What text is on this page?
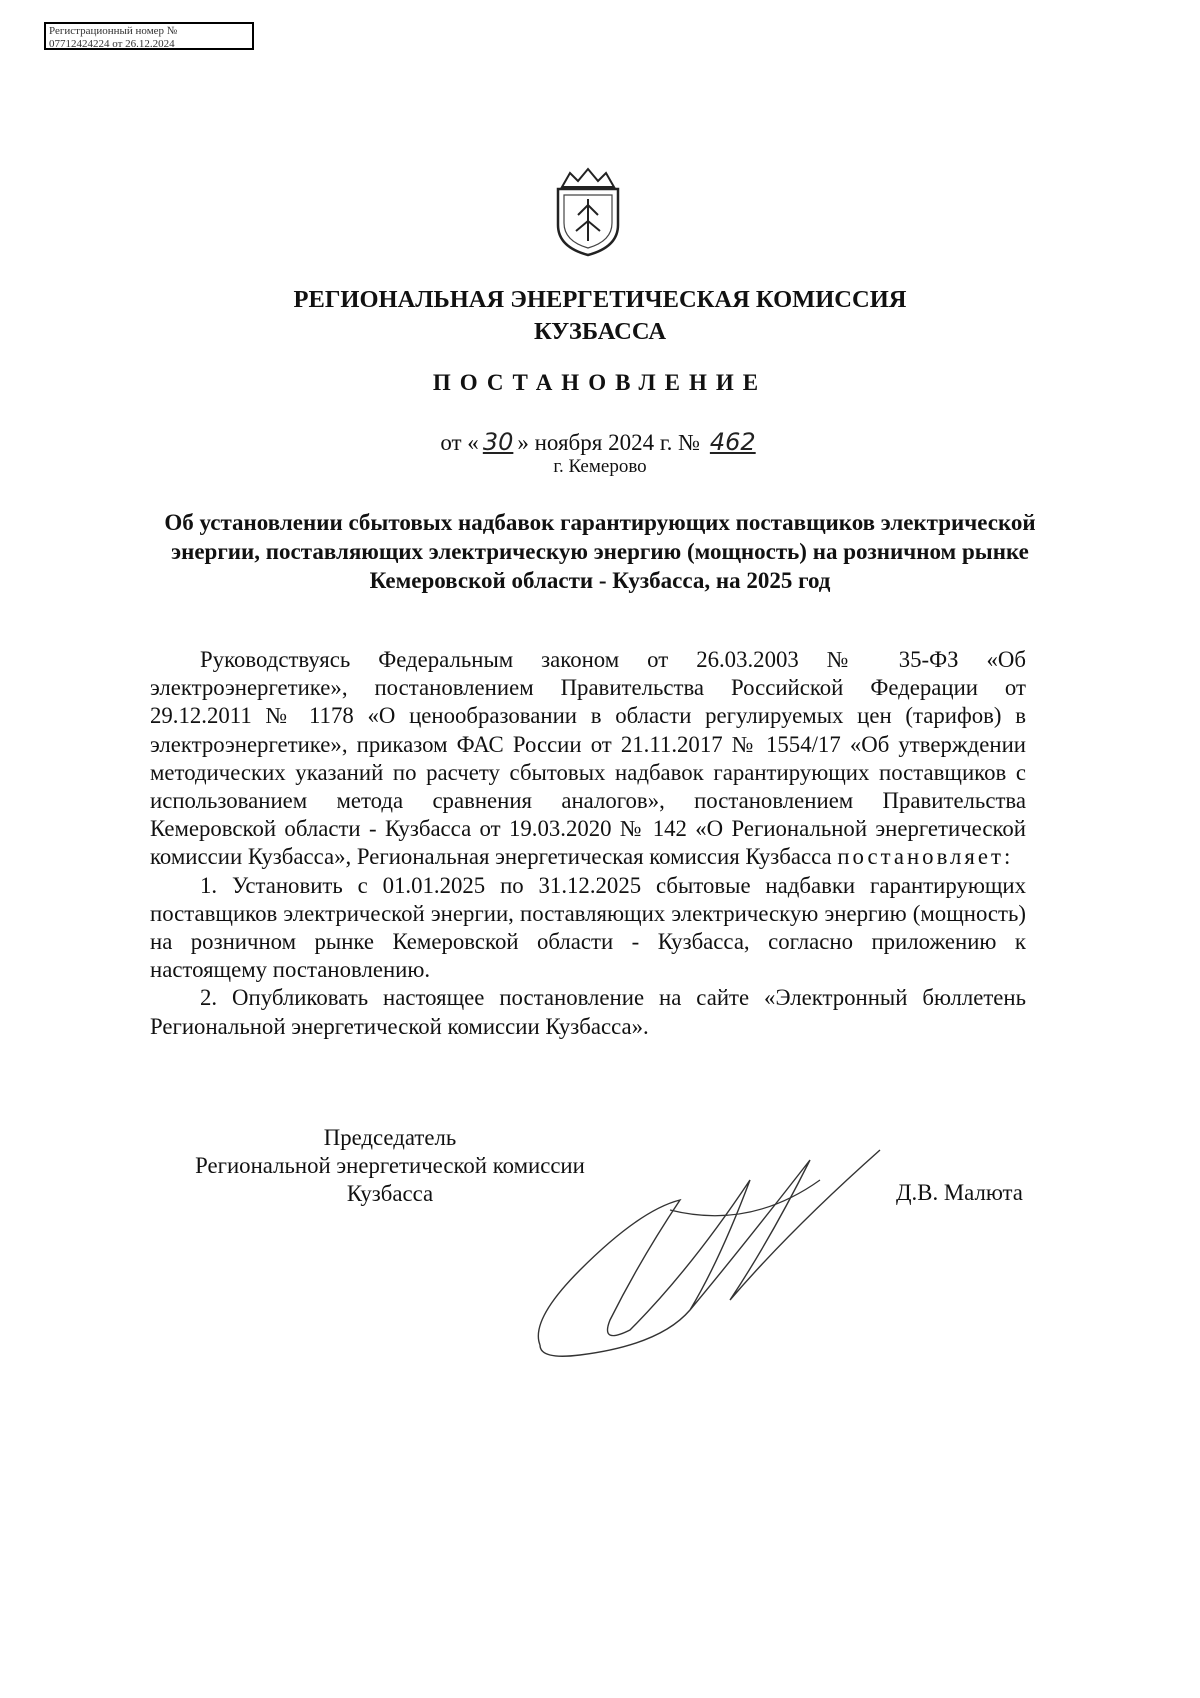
Регистрационный номер №
07712424224 от 26.12.2024
РЕГИОНАЛЬНАЯ ЭНЕРГЕТИЧЕСКАЯ КОМИССИЯ
КУЗБАССА
ПОСТАНОВЛЕНИЕ
от « 30 » ноября 2024 г. № 462
г. Кемерово
Об установлении сбытовых надбавок гарантирующих поставщиков электрической энергии, поставляющих электрическую энергию (мощность) на розничном рынке Кемеровской области - Кузбасса, на 2025 год

Руководствуясь Федеральным законом от 26.03.2003 № 35-ФЗ «Об электроэнергетике», постановлением Правительства Российской Федерации от 29.12.2011 № 1178 «О ценообразовании в области регулируемых цен (тарифов) в электроэнергетике», приказом ФАС России от 21.11.2017 № 1554/17 «Об утверждении методических указаний по расчету сбытовых надбавок гарантирующих поставщиков с использованием метода сравнения аналогов», постановлением Правительства Кемеровской области - Кузбасса от 19.03.2020 № 142 «О Региональной энергетической комиссии Кузбасса», Региональная энергетическая комиссия Кузбасса постановляет:

1. Установить с 01.01.2025 по 31.12.2025 сбытовые надбавки гарантирующих поставщиков электрической энергии, поставляющих электрическую энергию (мощность) на розничном рынке Кемеровской области - Кузбасса, согласно приложению к настоящему постановлению.

2. Опубликовать настоящее постановление на сайте «Электронный бюллетень Региональной энергетической комиссии Кузбасса».

Председатель
Региональной энергетической комиссии
Кузбасса	Д.В. Малюта
